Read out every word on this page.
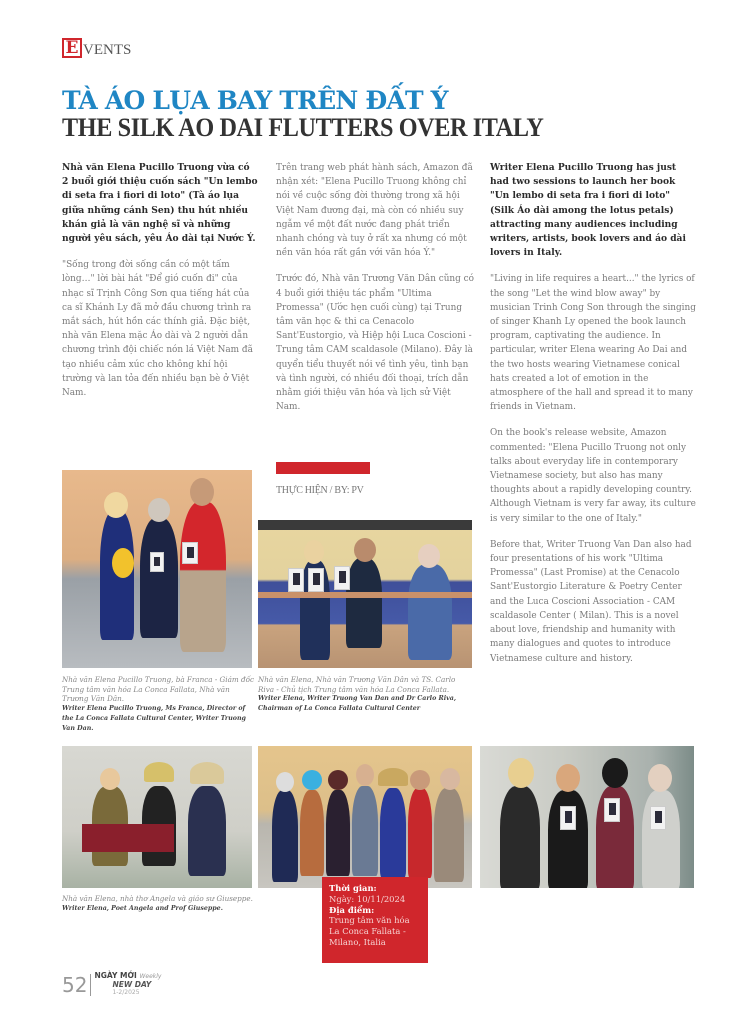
E VENTS
TÀ ÁO LỤA BAY TRÊN ĐẤT Ý
THE SILK AO DAI FLUTTERS OVER ITALY

Nhà văn Elena Pucillo Truong vừa có 2 buổi giới thiệu cuốn sách "Un lembo di seta fra i fiori di loto" (Tà áo lụa giữa những cánh Sen) thu hút nhiều khán giả là văn nghệ sĩ và những người yêu sách, yêu Áo dài tại Nước Ý.

"Sống trong đời sống cần có một tấm lòng…" lời bài hát "Để gió cuốn đi" của nhạc sĩ Trịnh Công Sơn qua tiếng hát của ca sĩ Khánh Ly đã mở đầu chương trình ra mắt sách, hút hồn các thính giả. Đặc biệt, nhà văn Elena mặc Áo dài và 2 người dẫn chương trình đội chiếc nón lá Việt Nam đã tạo nhiều cảm xúc cho không khí hội trường và lan tỏa đến nhiều bạn bè ở Việt Nam.

Trên trang web phát hành sách, Amazon đã nhận xét: "Elena Pucillo Truong không chỉ nói về cuộc sống đời thường trong xã hội Việt Nam đương đại, mà còn có nhiều suy ngẫm về một đất nước đang phát triển nhanh chóng và tuy ở rất xa nhưng có một nền văn hóa rất gần với văn hóa Ý."

Trước đó, Nhà văn Trương Văn Dân cũng có 4 buổi giới thiệu tác phẩm "Ultima Promessa" (Ước hẹn cuối cùng) tại Trung tâm văn học & thi ca Cenacolo Sant'Eustorgio, và Hiệp hội Luca Coscioni - Trung tâm CAM scaldasole (Milano). Đây là quyển tiểu thuyết nói về tình yêu, tình bạn và tình người, có nhiều đối thoại, trích dẫn nhằm giới thiệu văn hóa và lịch sử Việt Nam.

Writer Elena Pucillo Truong has just had two sessions to launch her book "Un lembo di seta fra i fiori di loto" (Silk Áo dài among the lotus petals) attracting many audiences including writers, artists, book lovers and áo dài lovers in Italy.

"Living in life requires a heart..." the lyrics of the song "Let the wind blow away" by musician Trinh Cong Son through the singing of singer Khanh Ly opened the book launch program, captivating the audience. In particular, writer Elena wearing Ao Dai and the two hosts wearing Vietnamese conical hats created a lot of emotion in the atmosphere of the hall and spread it to many friends in Vietnam.

On the book's release website, Amazon commented: "Elena Pucillo Truong not only talks about everyday life in contemporary Vietnamese society, but also has many thoughts about a rapidly developing country. Although Vietnam is very far away, its culture is very similar to the one of Italy."

Before that, Writer Truong Van Dan also had four presentations of his work "Ultima Promessa" (Last Promise) at the Cenacolo Sant'Eustorgio Literature & Poetry Center and the Luca Coscioni Association - CAM scaldasole Center ( Milan). This is a novel about love, friendship and humanity with many dialogues and quotes to introduce Vietnamese culture and history.

THỰC HIỆN / BY: PV
Nhà văn Elena Pucillo Truong, bà Franca - Giám đốc Trung tâm văn hóa La Conca Fallata, Nhà văn Trương Văn Dân.
Writer Elena Pucillo Truong, Ms Franca, Director of the La Conca Fallata Cultural Center, Writer Truong Van Dan.
Nhà văn Elena, Nhà văn Trương Văn Dân và TS. Carlo Riva - Chủ tịch Trung tâm văn hóa La Conca Fallata.
Writer Elena, Writer Truong Van Dan and Dr Carlo Riva, Chairman of La Conca Fallata Cultural Center
Nhà văn Elena, nhà thơ Angela và giáo sư Giuseppe.
Writer Elena, Poet Angela and Prof Giuseppe.
Thời gian:
Ngày: 10/11/2024
Địa điểm:
Trung tâm văn hóa La Conca Fallata - Milano, Italia
52 NGÀY MỚI Weekly
NEW DAY
1-2/2025
